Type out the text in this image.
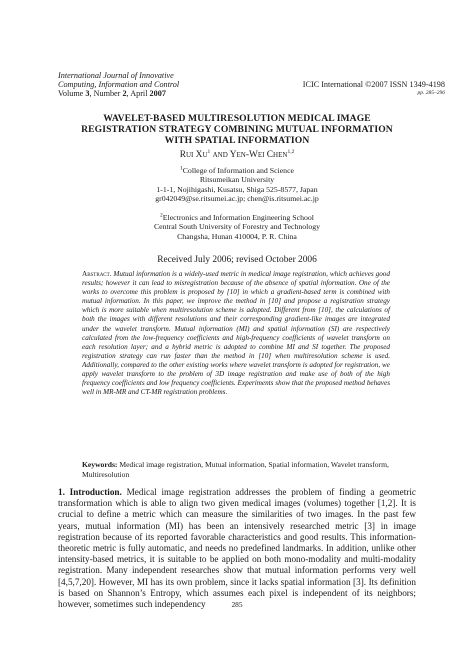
International Journal of Innovative
Computing, Information and Control
Volume 3, Number 2, April 2007
ICIC International ©2007 ISSN 1349-4198
pp. 285–296
WAVELET-BASED MULTIRESOLUTION MEDICAL IMAGE
REGISTRATION STRATEGY COMBINING MUTUAL INFORMATION
WITH SPATIAL INFORMATION
Rui Xu$^1$ and Yen-Wei Chen$^{1,2}$
$^1$College of Information and Science
Ritsumeikan University
1-1-1, Nojihigashi, Kusatsu, Shiga 525-8577, Japan
gr042049@se.ritsumei.ac.jp; chen@is.ritsumei.ac.jp
$^2$Electronics and Information Engineering School
Central South University of Forestry and Technology
Changsha, Hunan 410004, P. R. China
Received July 2006; revised October 2006
Abstract. Mutual information is a widely-used metric in medical image registration, which achieves good results; however it can lead to misregistration because of the absence of spatial information. One of the works to overcome this problem is proposed by [10] in which a gradient-based term is combined with mutual information. In this paper, we improve the method in [10] and propose a registration strategy which is more suitable when multiresolution scheme is adopted. Different from [10], the calculations of both the images with different resolutions and their corresponding gradient-like images are integrated under the wavelet transform. Mutual information (MI) and spatial information (SI) are respectively calculated from the low-frequency coefficients and high-frequency coefficients of wavelet transform on each resolution layer; and a hybrid metric is adopted to combine MI and SI together. The proposed registration strategy can run faster than the method in [10] when multiresolution scheme is used. Additionally, compared to the other existing works where wavelet transform is adopted for registration, we apply wavelet transform to the problem of 3D image registration and make use of both of the high frequency coefficients and low frequency coefficients. Experiments show that the proposed method behaves well in MR-MR and CT-MR registration problems.
Keywords: Medical image registration, Mutual information, Spatial information, Wavelet transform, Multiresolution
1. Introduction. Medical image registration addresses the problem of finding a geometric transformation which is able to align two given medical images (volumes) together [1,2]. It is crucial to define a metric which can measure the similarities of two images. In the past few years, mutual information (MI) has been an intensively researched metric [3] in image registration because of its reported favorable characteristics and good results. This information-theoretic metric is fully automatic, and needs no predefined landmarks. In addition, unlike other intensity-based metrics, it is suitable to be applied on both mono-modality and multi-modality registration. Many independent researches show that mutual information performs very well [4,5,7,20]. However, MI has its own problem, since it lacks spatial information [3]. Its definition is based on Shannon’s Entropy, which assumes each pixel is independent of its neighbors; however, sometimes such independency	285
